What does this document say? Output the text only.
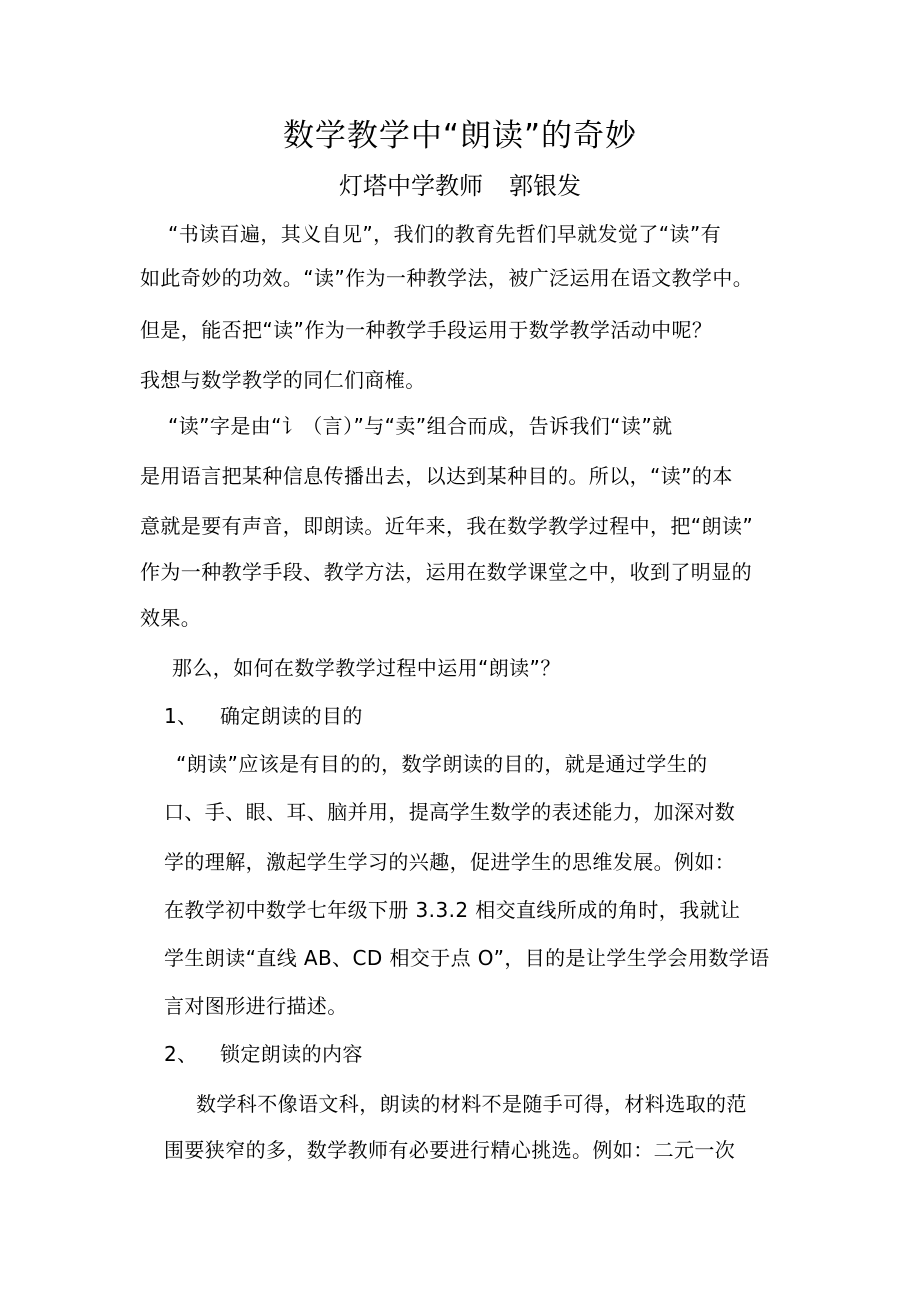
数学教学中“朗读”的奇妙
灯塔中学教师 郭银发
“书读百遍，其义自见”，我们的教育先哲们早就发觉了“读”有
如此奇妙的功效。“读”作为一种教学法，被广泛运用在语文教学中。
但是，能否把“读”作为一种教学手段运用于数学教学活动中呢？
我想与数学教学的同仁们商榷。
“读”字是由“讠（言）”与“卖”组合而成，告诉我们“读”就
是用语言把某种信息传播出去，以达到某种目的。所以，“读”的本
意就是要有声音，即朗读。近年来，我在数学教学过程中，把“朗读”
作为一种教学手段、教学方法，运用在数学课堂之中，收到了明显的
效果。
那么，如何在数学教学过程中运用“朗读”？
1、 确定朗读的目的
“朗读”应该是有目的的，数学朗读的目的，就是通过学生的
口、手、眼、耳、脑并用，提高学生数学的表述能力，加深对数
学的理解，激起学生学习的兴趣，促进学生的思维发展。例如：
在教学初中数学七年级下册 3.3.2 相交直线所成的角时，我就让
学生朗读“直线 AB、CD 相交于点 O”，目的是让学生学会用数学语
言对图形进行描述。
2、 锁定朗读的内容
数学科不像语文科，朗读的材料不是随手可得，材料选取的范
围要狭窄的多，数学教师有必要进行精心挑选。例如：二元一次
